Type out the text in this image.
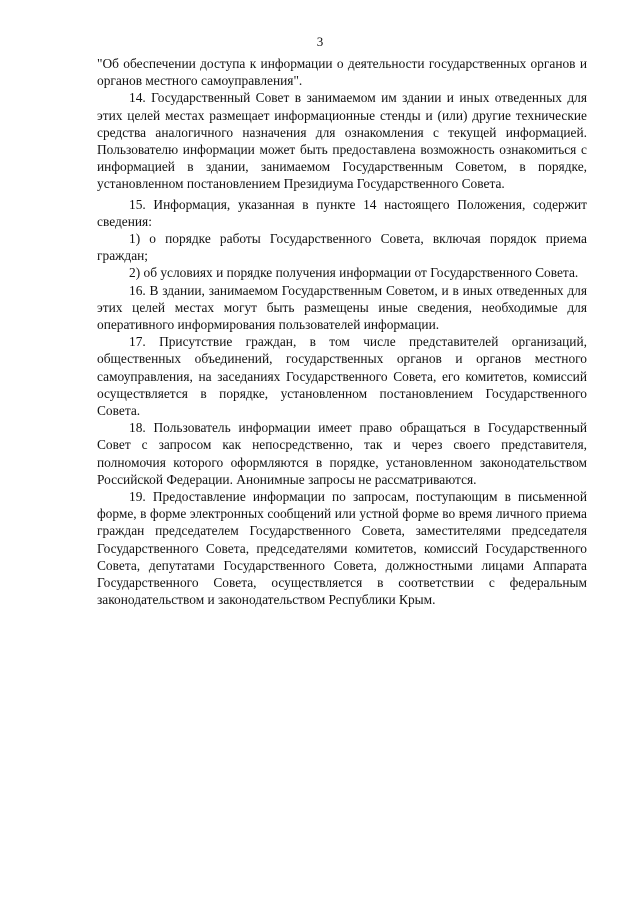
3

"Об обеспечении доступа к информации о деятельности государственных органов и органов местного самоуправления".

14. Государственный Совет в занимаемом им здании и иных отведенных для этих целей местах размещает информационные стенды и (или) другие технические средства аналогичного назначения для ознакомления с текущей информацией. Пользователю информации может быть предоставлена возможность ознакомиться с информацией в здании, занимаемом Государственным Советом, в порядке, установленном постановлением Президиума Государственного Совета.

15. Информация, указанная в пункте 14 настоящего Положения, содержит сведения:

1) о порядке работы Государственного Совета, включая порядок приема граждан;

2) об условиях и порядке получения информации от Государственного Совета.

16. В здании, занимаемом Государственным Советом, и в иных отведенных для этих целей местах могут быть размещены иные сведения, необходимые для оперативного информирования пользователей информации.

17. Присутствие граждан, в том числе представителей организаций, общественных объединений, государственных органов и органов местного самоуправления, на заседаниях Государственного Совета, его комитетов, комиссий осуществляется в порядке, установленном постановлением Государственного Совета.

18. Пользователь информации имеет право обращаться в Государственный Совет с запросом как непосредственно, так и через своего представителя, полномочия которого оформляются в порядке, установленном законодательством Российской Федерации. Анонимные запросы не рассматриваются.

19. Предоставление информации по запросам, поступающим в письменной форме, в форме электронных сообщений или устной форме во время личного приема граждан председателем Государственного Совета, заместителями председателя Государственного Совета, председателями комитетов, комиссий Государственного Совета, депутатами Государственного Совета, должностными лицами Аппарата Государственного Совета, осуществляется в соответствии с федеральным законодательством и законодательством Республики Крым.
